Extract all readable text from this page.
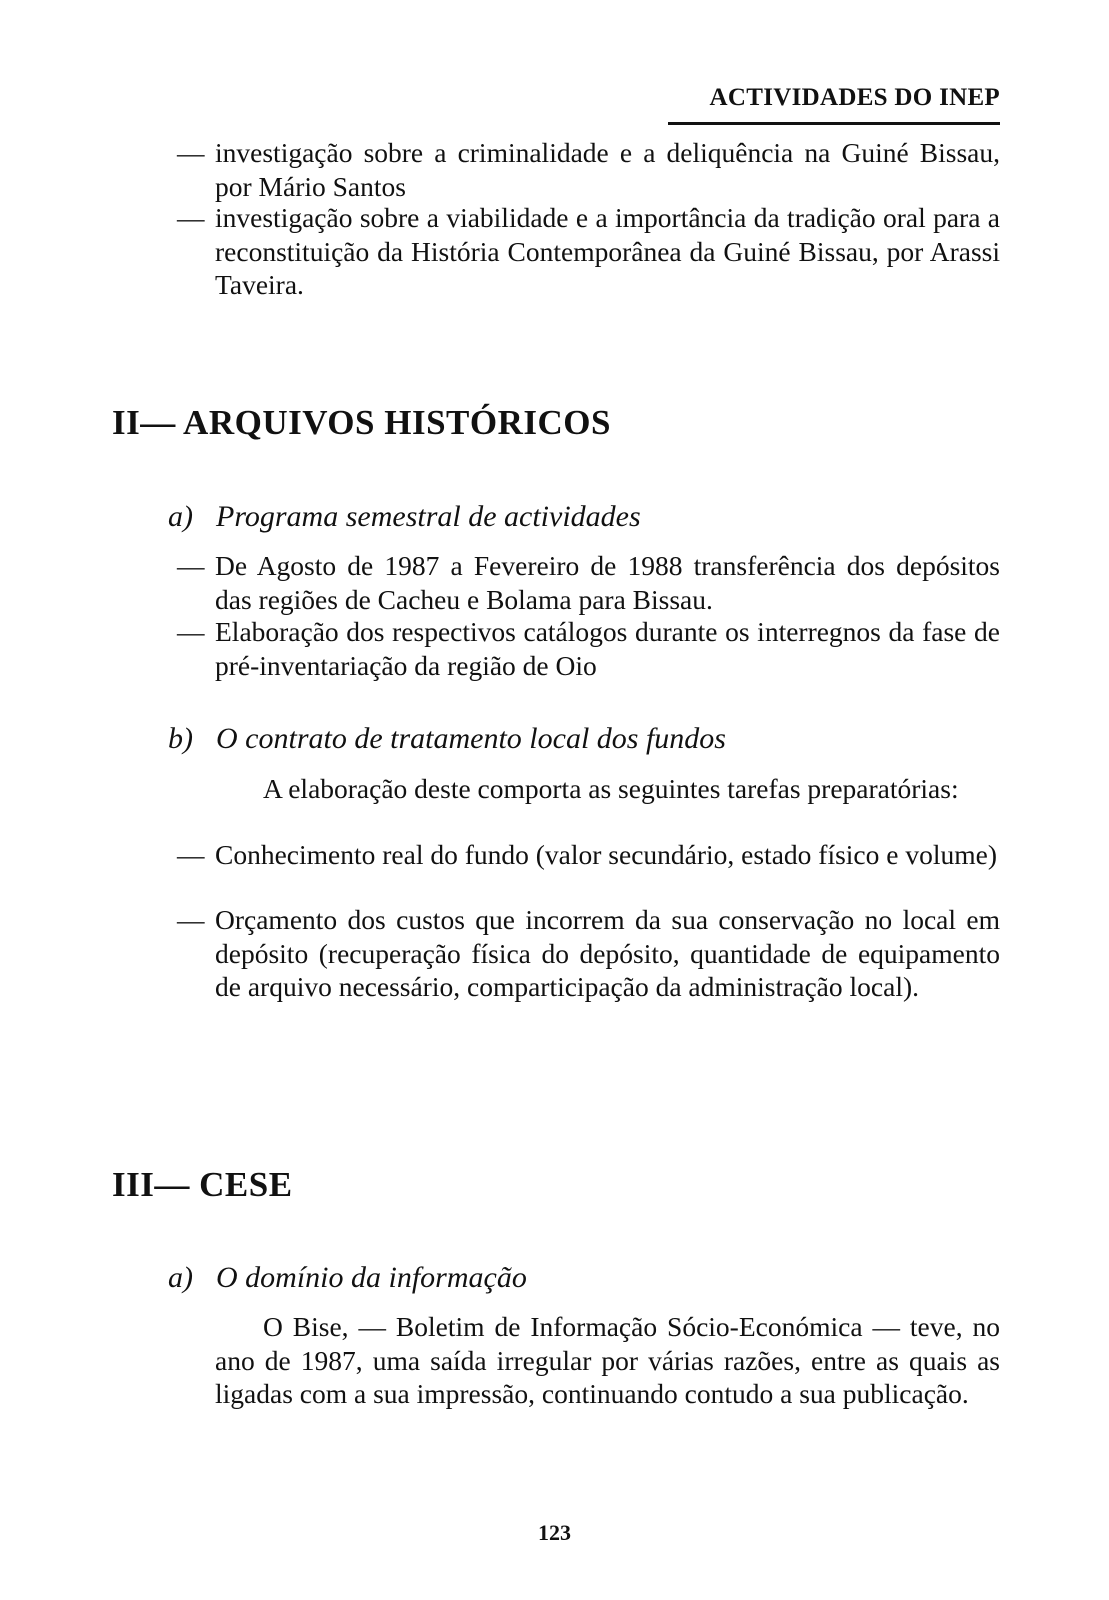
ACTIVIDADES DO INEP
— investigação sobre a criminalidade e a deliquência na Guiné Bissau, por Mário Santos
— investigação sobre a viabilidade e a importância da tradição oral para a reconstituição da História Contemporânea da Guiné Bissau, por Arassi Taveira.
II— ARQUIVOS HISTÓRICOS
a) Programa semestral de actividades
— De Agosto de 1987 a Fevereiro de 1988 transferência dos depósitos das regiões de Cacheu e Bolama para Bissau.
— Elaboração dos respectivos catálogos durante os interregnos da fase de pré-inventariação da região de Oio
b) O contrato de tratamento local dos fundos
A elaboração deste comporta as seguintes tarefas preparatórias:
— Conhecimento real do fundo (valor secundário, estado físico e volume)
— Orçamento dos custos que incorrem da sua conservação no local em depósito (recuperação física do depósito, quantidade de equipamento de arquivo necessário, comparticipação da administração local).
III— CESE
a) O domínio da informação
O Bise, — Boletim de Informação Sócio-Económica — teve, no ano de 1987, uma saída irregular por várias razões, entre as quais as ligadas com a sua impressão, continuando contudo a sua publicação.
123
